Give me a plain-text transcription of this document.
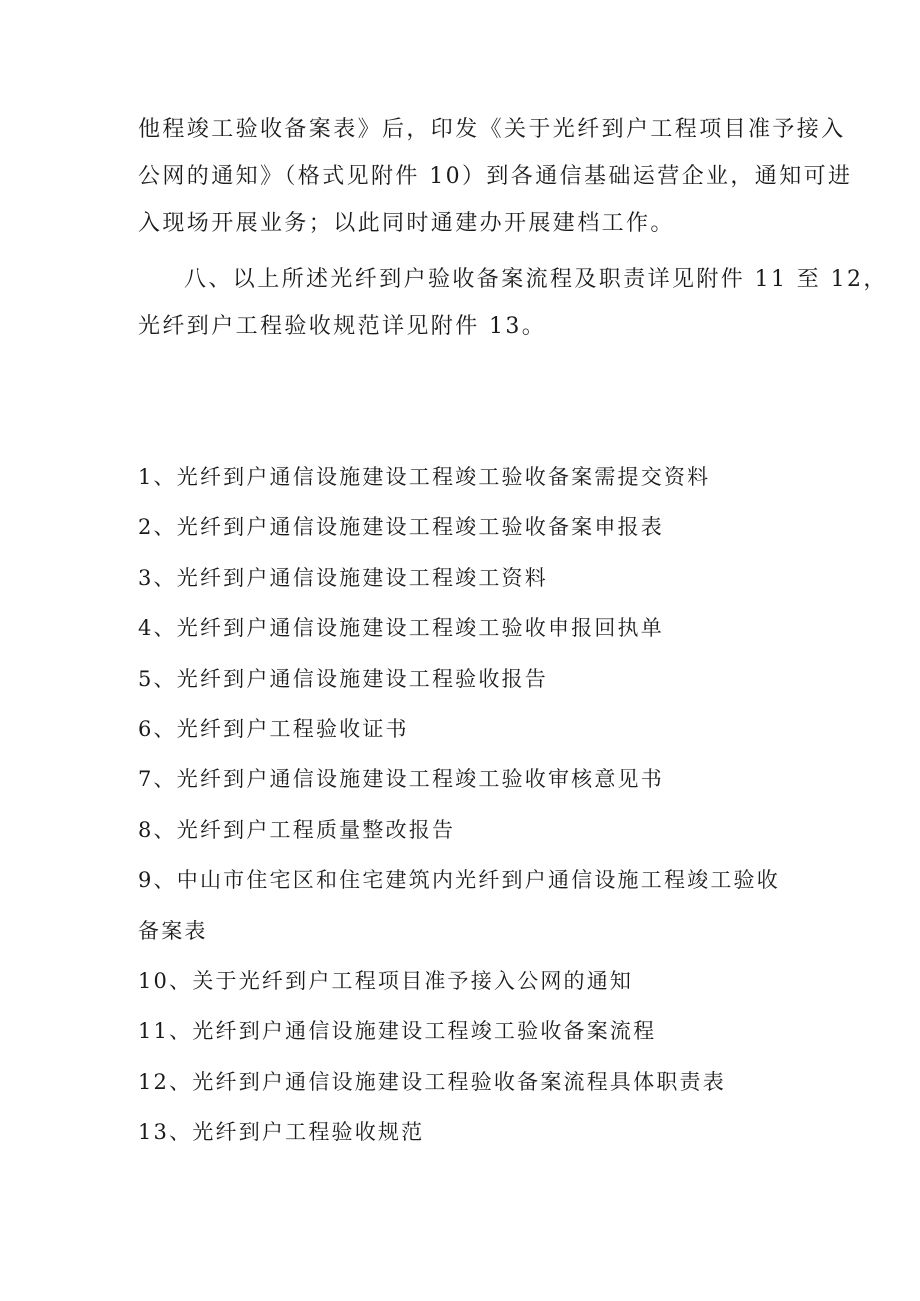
他程竣工验收备案表》后，印发《关于光纤到户工程项目准予接入
公网的通知》（格式见附件 10）到各通信基础运营企业，通知可进
入现场开展业务；以此同时通建办开展建档工作。
八、以上所述光纤到户验收备案流程及职责详见附件 11 至 12，
光纤到户工程验收规范详见附件 13。
1、光纤到户通信设施建设工程竣工验收备案需提交资料
2、光纤到户通信设施建设工程竣工验收备案申报表
3、光纤到户通信设施建设工程竣工资料
4、光纤到户通信设施建设工程竣工验收申报回执单
5、光纤到户通信设施建设工程验收报告
6、光纤到户工程验收证书
7、光纤到户通信设施建设工程竣工验收审核意见书
8、光纤到户工程质量整改报告
9、中山市住宅区和住宅建筑内光纤到户通信设施工程竣工验收
备案表
10、关于光纤到户工程项目准予接入公网的通知
11、光纤到户通信设施建设工程竣工验收备案流程
12、光纤到户通信设施建设工程验收备案流程具体职责表
13、光纤到户工程验收规范
